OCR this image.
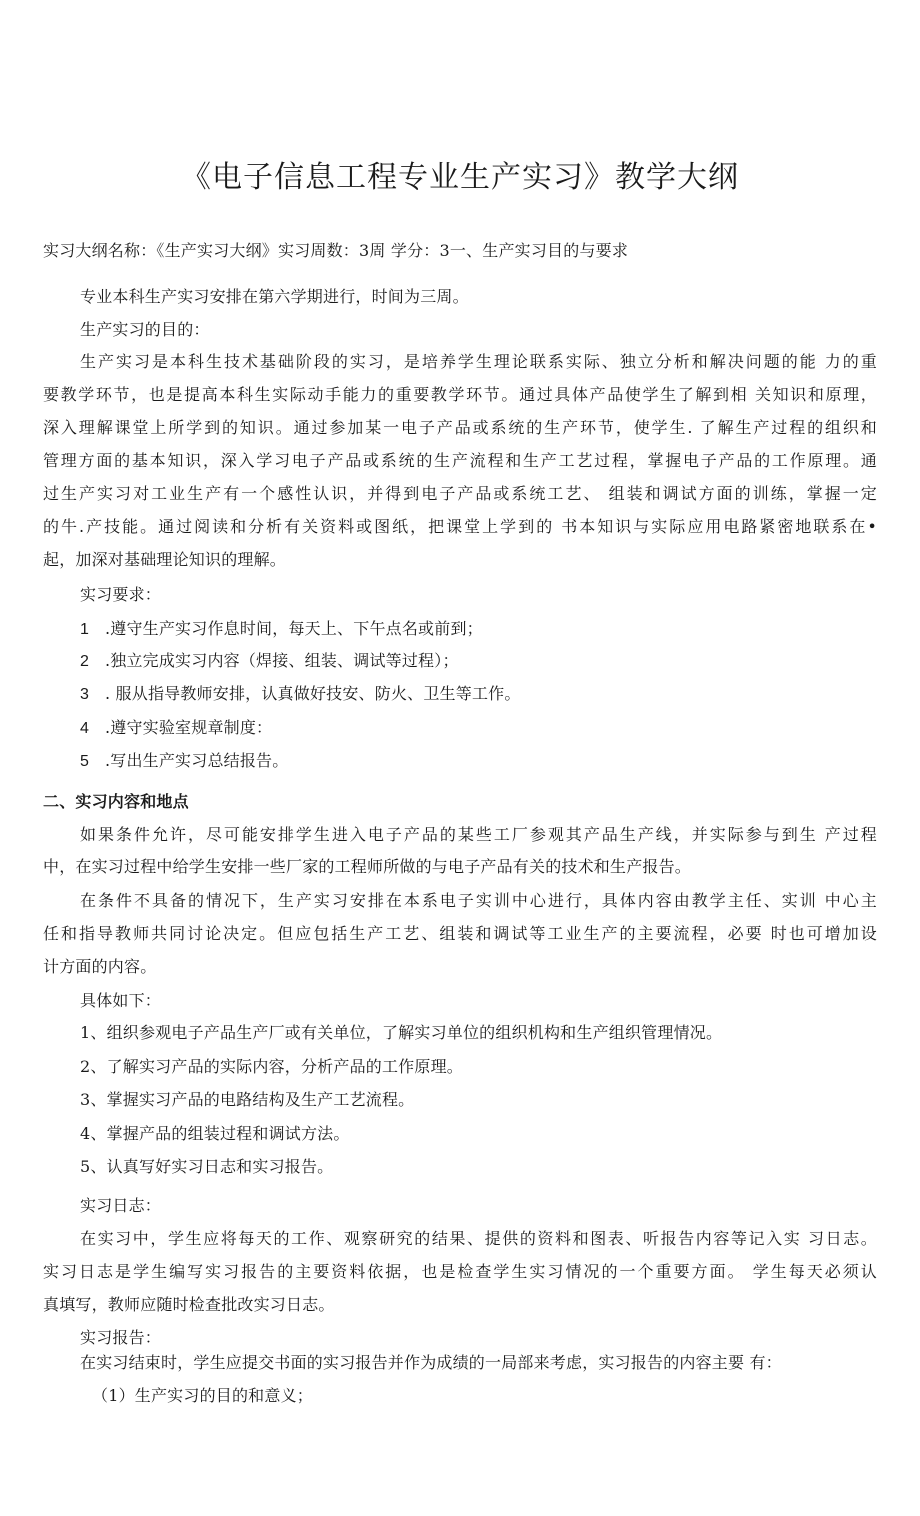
《电子信息工程专业生产实习》教学大纲
实习大纲名称：《生产实习大纲》实习周数：3周 学分：3一、生产实习目的与要求
专业本科生产实习安排在第六学期进行，时间为三周。
生产实习的目的：
生产实习是本科生技术基础阶段的实习，是培养学生理论联系实际、独立分析和解决问题的能 力的重
要教学环节，也是提高本科生实际动手能力的重要教学环节。通过具体产品使学生了解到相 关知识和原理，
深入理解课堂上所学到的知识。通过参加某一电子产品或系统的生产环节，使学生. 了解生产过程的组织和
管理方面的基本知识，深入学习电子产品或系统的生产流程和生产工艺过程，掌握电子产品的工作原理。通
过生产实习对工业生产有一个感性认识，并得到电子产品或系统工艺、 组装和调试方面的训练，掌握一定
的牛.产技能。通过阅读和分析有关资料或图纸，把课堂上学到的 书本知识与实际应用电路紧密地联系在•
起，加深对基础理论知识的理解。
实习要求：
1 .遵守生产实习作息时间，每天上、下午点名或前到；
2 .独立完成实习内容（焊接、组装、调试等过程）；
3 . 服从指导教师安排，认真做好技安、防火、卫生等工作。
4 .遵守实验室规章制度：
5 .写出生产实习总结报告。
二、实习内容和地点
如果条件允许，尽可能安排学生进入电子产品的某些工厂参观其产品生产线，并实际参与到生 产过程
中，在实习过程中给学生安排一些厂家的工程师所做的与电子产品有关的技术和生产报告。
在条件不具备的情况下，生产实习安排在本系电子实训中心进行，具体内容由教学主任、实训 中心主
任和指导教师共同讨论决定。但应包括生产工艺、组装和调试等工业生产的主要流程，必要 时也可增加设
计方面的内容。
具体如下：
1、组织参观电子产品生产厂或有关单位，了解实习单位的组织机构和生产组织管理情况。
2、了解实习产品的实际内容，分析产品的工作原理。
3、掌握实习产品的电路结构及生产工艺流程。
4、掌握产品的组装过程和调试方法。
5、认真写好实习日志和实习报告。
实习日志：
在实习中，学生应将每天的工作、观察研究的结果、提供的资料和图表、听报告内容等记入实 习日志。
实习日志是学生编写实习报告的主要资料依据，也是检查学生实习情况的一个重要方面。 学生每天必须认
真填写，教师应随时检查批改实习日志。
实习报告：
在实习结束时，学生应提交书面的实习报告并作为成绩的一局部来考虑，实习报告的内容主要 有：
（1）生产实习的目的和意义；
